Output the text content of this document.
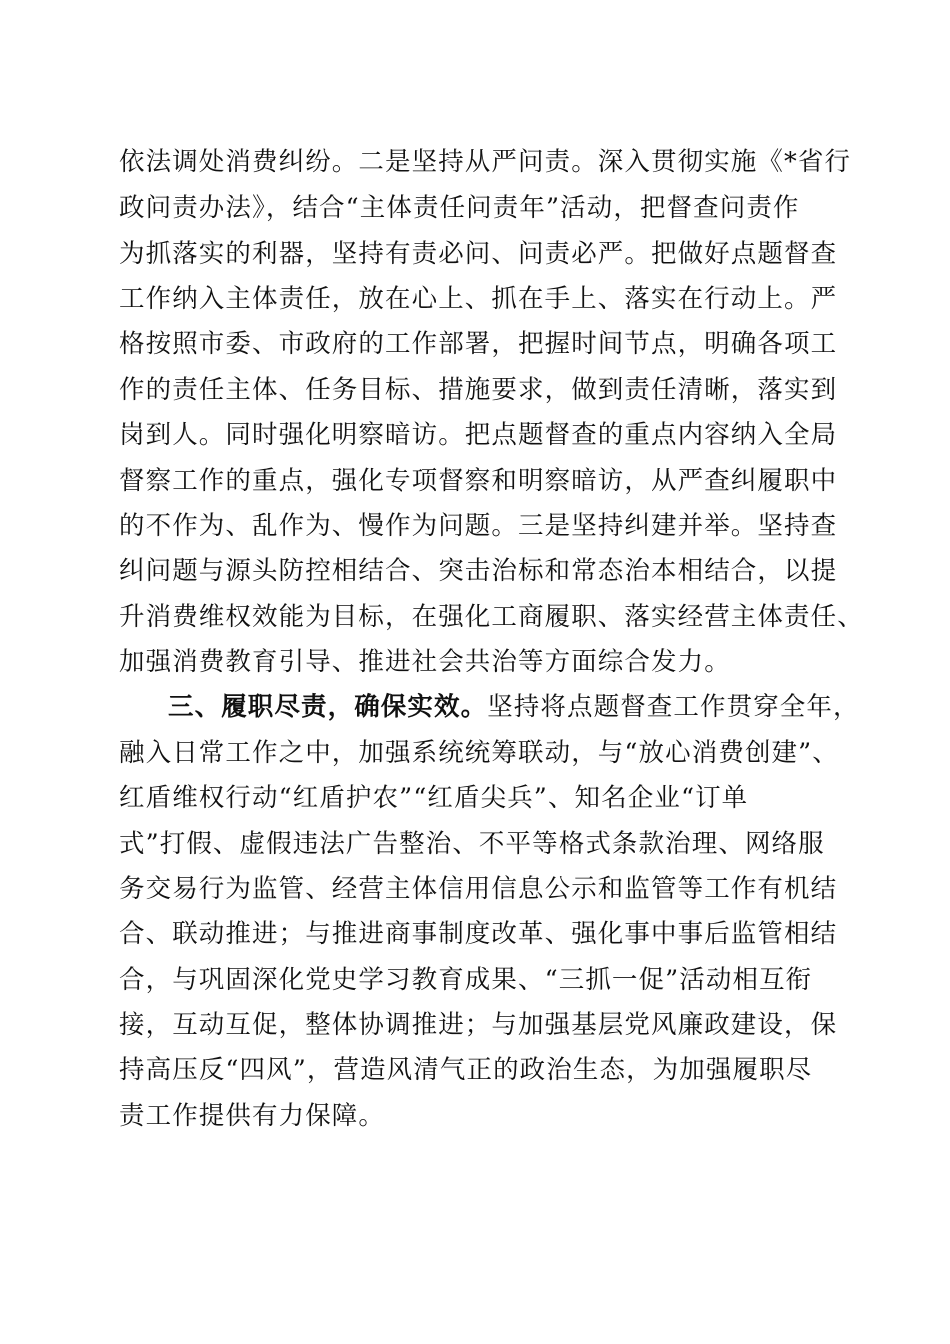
依法调处消费纠纷。二是坚持从严问责。深入贯彻实施《*省行

政问责办法》，结合“主体责任问责年”活动，把督查问责作

为抓落实的利器，坚持有责必问、问责必严。把做好点题督查

工作纳入主体责任，放在心上、抓在手上、落实在行动上。严

格按照市委、市政府的工作部署，把握时间节点，明确各项工

作的责任主体、任务目标、措施要求，做到责任清晰，落实到

岗到人。同时强化明察暗访。把点题督查的重点内容纳入全局

督察工作的重点，强化专项督察和明察暗访，从严查纠履职中

的不作为、乱作为、慢作为问题。三是坚持纠建并举。坚持查

纠问题与源头防控相结合、突击治标和常态治本相结合，以提

升消费维权效能为目标，在强化工商履职、落实经营主体责任、

加强消费教育引导、推进社会共治等方面综合发力。

三、履职尽责，确保实效。坚持将点题督查工作贯穿全年，

融入日常工作之中，加强系统统筹联动，与“放心消费创建”、

红盾维权行动“红盾护农”“红盾尖兵”、知名企业“订单

式”打假、虚假违法广告整治、不平等格式条款治理、网络服

务交易行为监管、经营主体信用信息公示和监管等工作有机结

合、联动推进；与推进商事制度改革、强化事中事后监管相结

合，与巩固深化党史学习教育成果、“三抓一促”活动相互衔

接，互动互促，整体协调推进；与加强基层党风廉政建设，保

持高压反“四风”，营造风清气正的政治生态，为加强履职尽

责工作提供有力保障。
